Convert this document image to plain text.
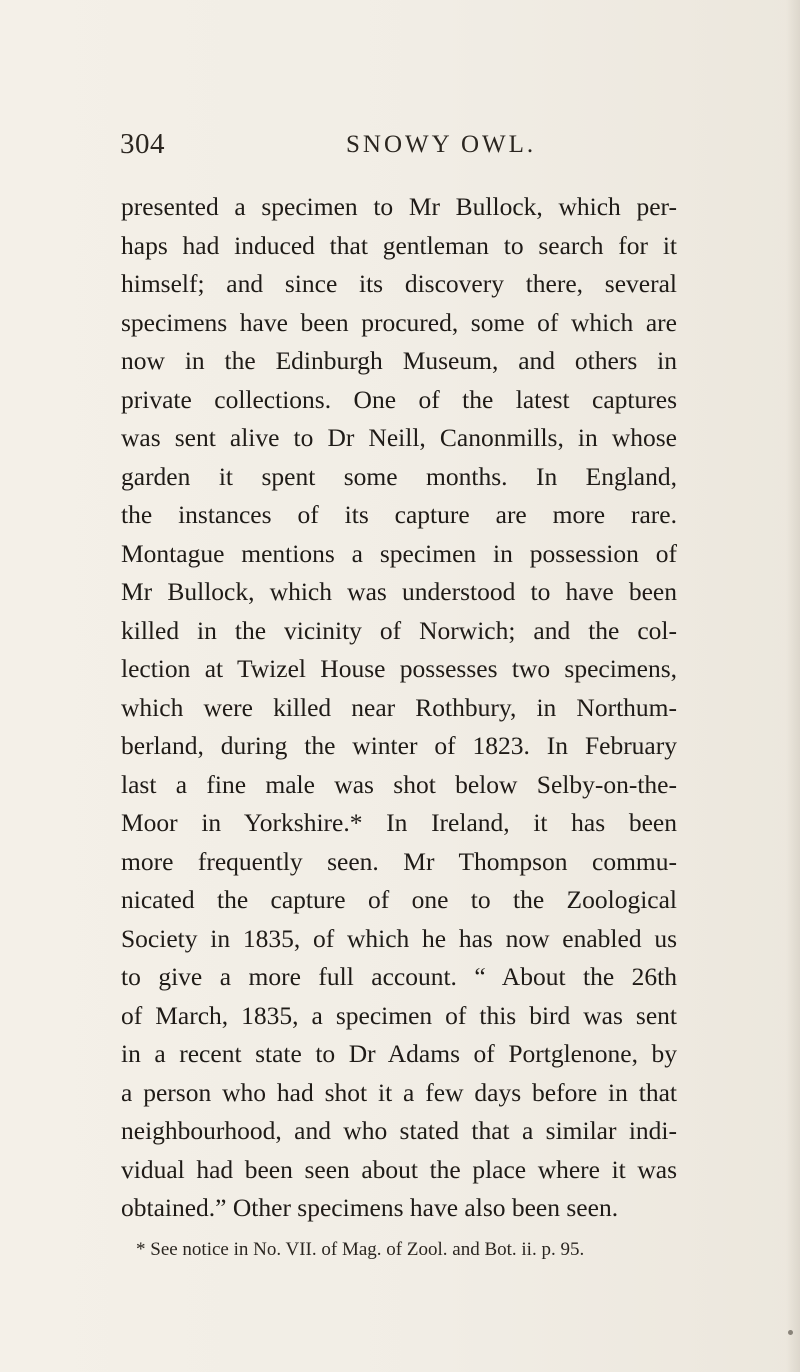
304	SNOWY OWL.
presented a specimen to Mr Bullock, which per-
haps had induced that gentleman to search for it
himself; and since its discovery there, several
specimens have been procured, some of which are
now in the Edinburgh Museum, and others in
private collections. One of the latest captures
was sent alive to Dr Neill, Canonmills, in whose
garden it spent some months. In England,
the instances of its capture are more rare.
Montague mentions a specimen in possession of
Mr Bullock, which was understood to have been
killed in the vicinity of Norwich; and the col-
lection at Twizel House possesses two specimens,
which were killed near Rothbury, in Northum-
berland, during the winter of 1823. In February
last a fine male was shot below Selby-on-the-
Moor in Yorkshire.* In Ireland, it has been
more frequently seen. Mr Thompson commu-
nicated the capture of one to the Zoological
Society in 1835, of which he has now enabled us
to give a more full account. “ About the 26th
of March, 1835, a specimen of this bird was sent
in a recent state to Dr Adams of Portglenone, by
a person who had shot it a few days before in that
neighbourhood, and who stated that a similar indi-
vidual had been seen about the place where it was
obtained.” Other specimens have also been seen.
* See notice in No. VII. of Mag. of Zool. and Bot. ii. p. 95.
